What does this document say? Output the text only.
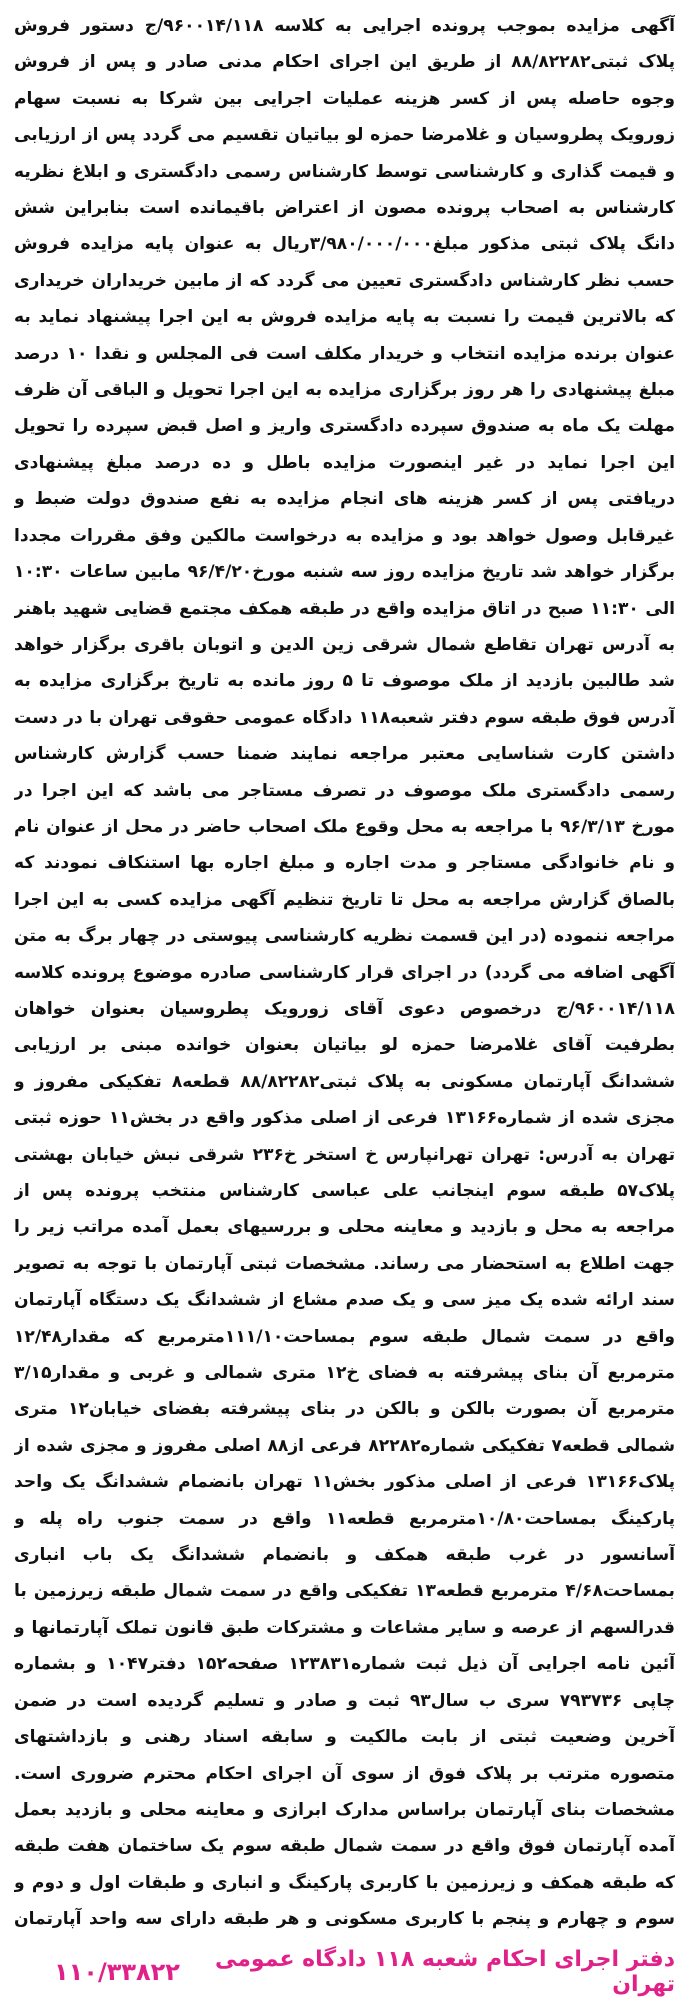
آگهی مزایده بموجب پرونده اجرایی به کلاسه ۹۶۰۰۱۴/۱۱۸/ج دستور فروش پلاک ثبتی۸۸/۸۲۲۸۲ از طریق این اجرای احکام مدنی صادر و پس از فروش وجوه حاصله پس از کسر هزینه عملیات اجرایی بین شرکا به نسبت سهام زورویک پطروسیان و غلامرضا حمزه لو بیاتیان تقسیم می گردد پس از ارزیابی و قیمت گذاری و کارشناسی توسط کارشناس رسمی دادگستری و ابلاغ نظریه کارشناس به اصحاب پرونده مصون از اعتراض باقیمانده است بنابراین شش دانگ پلاک ثبتی مذکور مبلغ۳/۹۸۰/۰۰۰/۰۰۰ریال به عنوان پایه مزایده فروش حسب نظر کارشناس دادگستری تعیین می گردد که از مابین خریداران خریداری که بالاترین قیمت را نسبت به پایه مزایده فروش به این اجرا پیشنهاد نماید به عنوان برنده مزایده انتخاب و خریدار مکلف است فی المجلس و نقدا ۱۰ درصد مبلغ پیشنهادی را هر روز برگزاری مزایده به این اجرا تحویل و الباقی آن ظرف مهلت یک ماه به صندوق سپرده دادگستری واریز و اصل قبض سپرده را تحویل این اجرا نماید در غیر اینصورت مزایده باطل و ده درصد مبلغ پیشنهادی دریافتی پس از کسر هزینه های انجام مزایده به نفع صندوق دولت ضبط و غیرقابل وصول خواهد بود و مزایده به درخواست مالکین وفق مقررات مجددا برگزار خواهد شد تاریخ مزایده روز سه شنبه مورخ۹۶/۴/۲۰ مابین ساعات ۱۰:۳۰ الی ۱۱:۳۰ صبح در اتاق مزایده واقع در طبقه همکف مجتمع قضایی شهید باهنر به آدرس تهران تقاطع شمال شرقی زین الدین و اتوبان باقری برگزار خواهد شد طالبین بازدید از ملک موصوف تا ۵ روز مانده به تاریخ برگزاری مزایده به آدرس فوق طبقه سوم دفتر شعبه۱۱۸ دادگاه عمومی حقوقی تهران با در دست داشتن کارت شناسایی معتبر مراجعه نمایند ضمنا حسب گزارش کارشناس رسمی دادگستری ملک موصوف در تصرف مستاجر می باشد که این اجرا در مورخ ۹۶/۳/۱۳ با مراجعه به محل وقوع ملک اصحاب حاضر در محل از عنوان نام و نام خانوادگی مستاجر و مدت اجاره و مبلغ اجاره بها استنکاف نمودند که بالصاق گزارش مراجعه به محل تا تاریخ تنظیم آگهی مزایده کسی به این اجرا مراجعه ننموده (در این قسمت نظریه کارشناسی پیوستی در چهار برگ به متن آگهی اضافه می گردد) در اجرای قرار کارشناسی صادره موضوع پرونده کلاسه ۹۶۰۰۱۴/۱۱۸/ج درخصوص دعوی آقای زورویک پطروسیان بعنوان خواهان بطرفیت آقای غلامرضا حمزه لو بیاتیان بعنوان خوانده مبنی بر ارزیابی ششدانگ آپارتمان مسکونی به پلاک ثبتی۸۸/۸۲۲۸۲ قطعه۸ تفکیکی مفروز و مجزی شده از شماره۱۳۱۶۶ فرعی از اصلی مذکور واقع در بخش۱۱ حوزه ثبتی تهران به آدرس: تهران تهرانپارس خ استخر خ۲۳۶ شرقی نبش خیابان بهشتی پلاک۵۷ طبقه سوم اینجانب علی عباسی کارشناس منتخب پرونده پس از مراجعه به محل و بازدید و معاینه محلی و بررسیهای بعمل آمده مراتب زیر را جهت اطلاع به استحضار می رساند. مشخصات ثبتی آپارتمان با توجه به تصویر سند ارائه شده یک میز سی و یک صدم مشاع از ششدانگ یک دستگاه آپارتمان واقع در سمت شمال طبقه سوم بمساحت۱۱۱/۱۰مترمربع که مقدار۱۲/۴۸ مترمربع آن بنای پیشرفته به فضای خ۱۲ متری شمالی و غربی و مقدار۳/۱۵ مترمربع آن بصورت بالکن و بالکن در بنای پیشرفته بفضای خیابان۱۲ متری شمالی قطعه۷ تفکیکی شماره۸۲۲۸۲ فرعی از۸۸ اصلی مفروز و مجزی شده از پلاک۱۳۱۶۶ فرعی از اصلی مذکور بخش۱۱ تهران بانضمام ششدانگ یک واحد پارکینگ بمساحت۱۰/۸۰مترمربع قطعه۱۱ واقع در سمت جنوب راه پله و آسانسور در غرب طبقه همکف و بانضمام ششدانگ یک باب انباری بمساحت۴/۶۸ مترمربع قطعه۱۳ تفکیکی واقع در سمت شمال طبقه زیرزمین با قدرالسهم از عرصه و سایر مشاعات و مشترکات طبق قانون تملک آپارتمانها و آئین نامه اجرایی آن ذیل ثبت شماره۱۲۳۸۳۱ صفحه۱۵۲ دفتر۱۰۴۷ و بشماره چاپی ۷۹۳۷۳۶ سری ب سال۹۳ ثبت و صادر و تسلیم گردیده است در ضمن آخرین وضعیت ثبتی از بابت مالکیت و سابقه اسناد رهنی و بازداشتهای متصوره مترتب بر پلاک فوق از سوی آن اجرای احکام محترم ضروری است. مشخصات بنای آپارتمان براساس مدارک ابرازی و معاینه محلی و بازدید بعمل آمده آپارتمان فوق واقع در سمت شمال طبقه سوم یک ساختمان هفت طبقه که طبقه همکف و زیرزمین با کاربری پارکینگ و انباری و طبقات اول و دوم و سوم و چهارم و پنجم با کاربری مسکونی و هر طبقه دارای سه واحد آپارتمان

دفتر اجرای احکام شعبه ۱۱۸ دادگاه عمومی تهران
۱۱۰/۳۳۸۲۲
